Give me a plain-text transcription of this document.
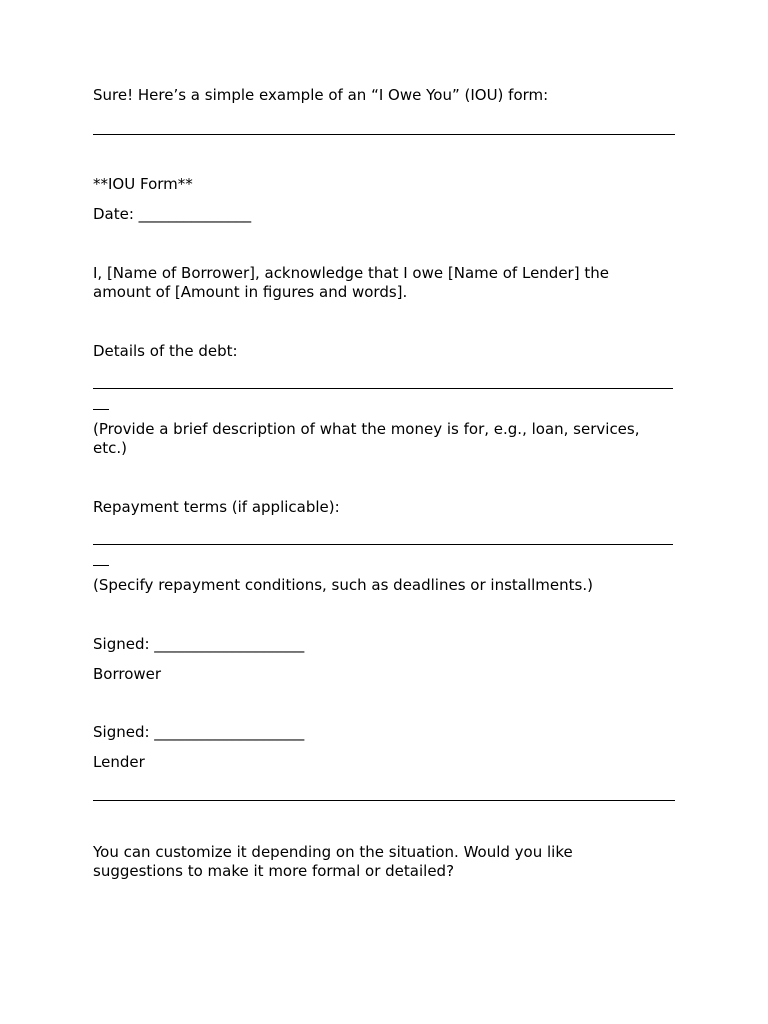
Sure! Here’s a simple example of an “I Owe You” (IOU) form:

**IOU Form**

Date: _______________

I, [Name of Borrower], acknowledge that I owe [Name of Lender] the

amount of [Amount in figures and words].

Details of the debt:

(Provide a brief description of what the money is for, e.g., loan, services,

etc.)

Repayment terms (if applicable):

(Specify repayment conditions, such as deadlines or installments.)

Signed: ____________________

Borrower

Signed: ____________________

Lender

You can customize it depending on the situation. Would you like

suggestions to make it more formal or detailed?
